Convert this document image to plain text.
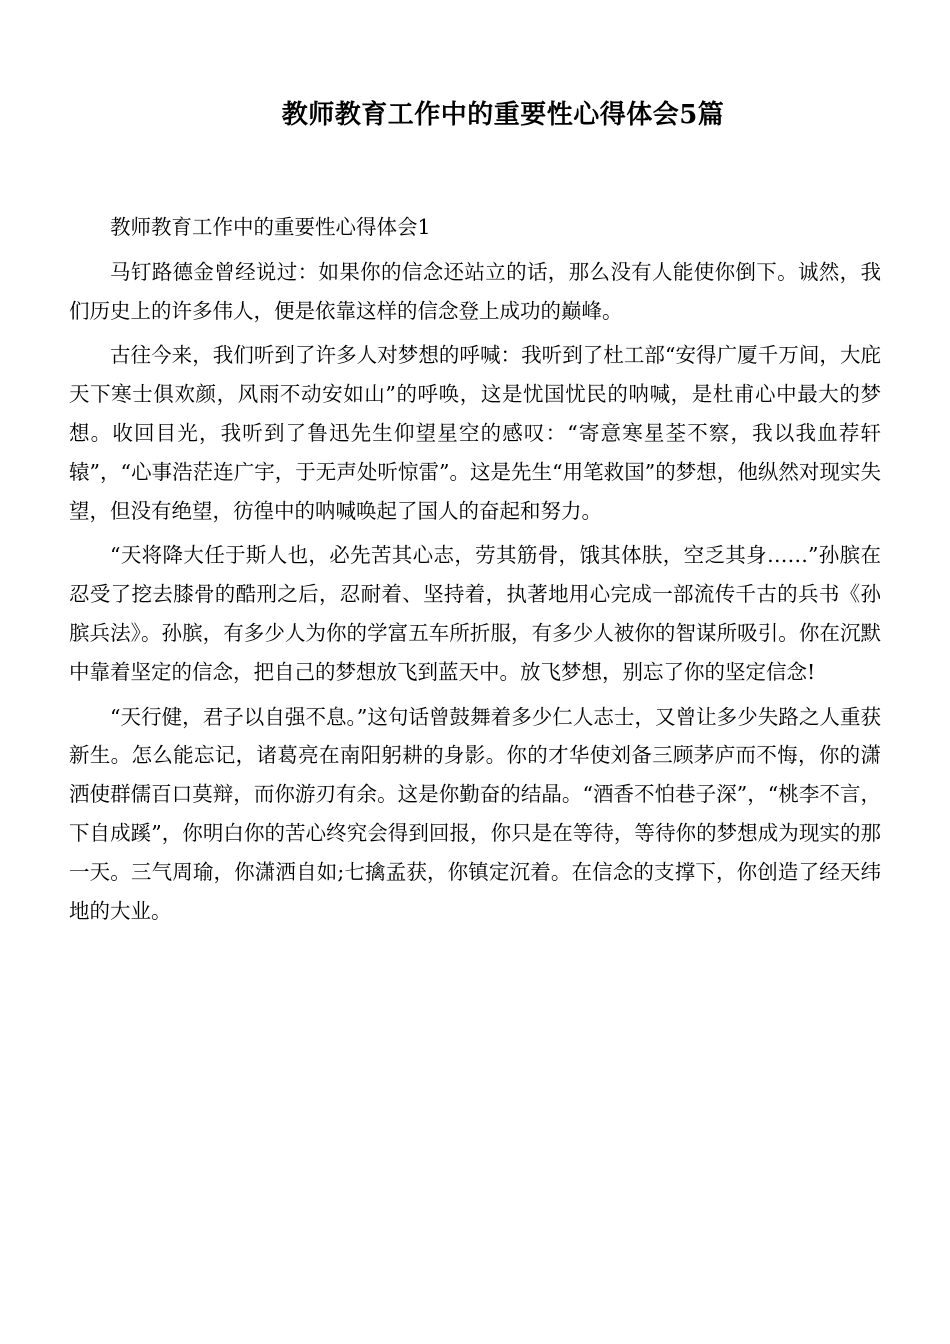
教师教育工作中的重要性心得体会5篇

教师教育工作中的重要性心得体会1

马钉路德金曾经说过：如果你的信念还站立的话，那么没有人能使你倒下。诚然，我们历史上的许多伟人，便是依靠这样的信念登上成功的巅峰。

古往今来，我们听到了许多人对梦想的呼喊：我听到了杜工部“安得广厦千万间，大庇天下寒士俱欢颜，风雨不动安如山”的呼唤，这是忧国忧民的呐喊，是杜甫心中最大的梦想。收回目光，我听到了鲁迅先生仰望星空的感叹：“寄意寒星荃不察，我以我血荐轩辕”，“心事浩茫连广宇，于无声处听惊雷”。这是先生“用笔救国”的梦想，他纵然对现实失望，但没有绝望，彷徨中的呐喊唤起了国人的奋起和努力。

“天将降大任于斯人也，必先苦其心志，劳其筋骨，饿其体肤，空乏其身……”孙膑在忍受了挖去膝骨的酷刑之后，忍耐着、坚持着，执著地用心完成一部流传千古的兵书《孙膑兵法》。孙膑，有多少人为你的学富五车所折服，有多少人被你的智谋所吸引。你在沉默中靠着坚定的信念，把自己的梦想放飞到蓝天中。放飞梦想，别忘了你的坚定信念!

“天行健，君子以自强不息。”这句话曾鼓舞着多少仁人志士，又曾让多少失路之人重获新生。怎么能忘记，诸葛亮在南阳躬耕的身影。你的才华使刘备三顾茅庐而不悔，你的潇洒使群儒百口莫辩，而你游刃有余。这是你勤奋的结晶。“酒香不怕巷子深”，“桃李不言，下自成蹊”，你明白你的苦心终究会得到回报，你只是在等待，等待你的梦想成为现实的那一天。三气周瑜，你潇洒自如;七擒孟获，你镇定沉着。在信念的支撑下，你创造了经天纬地的大业。
